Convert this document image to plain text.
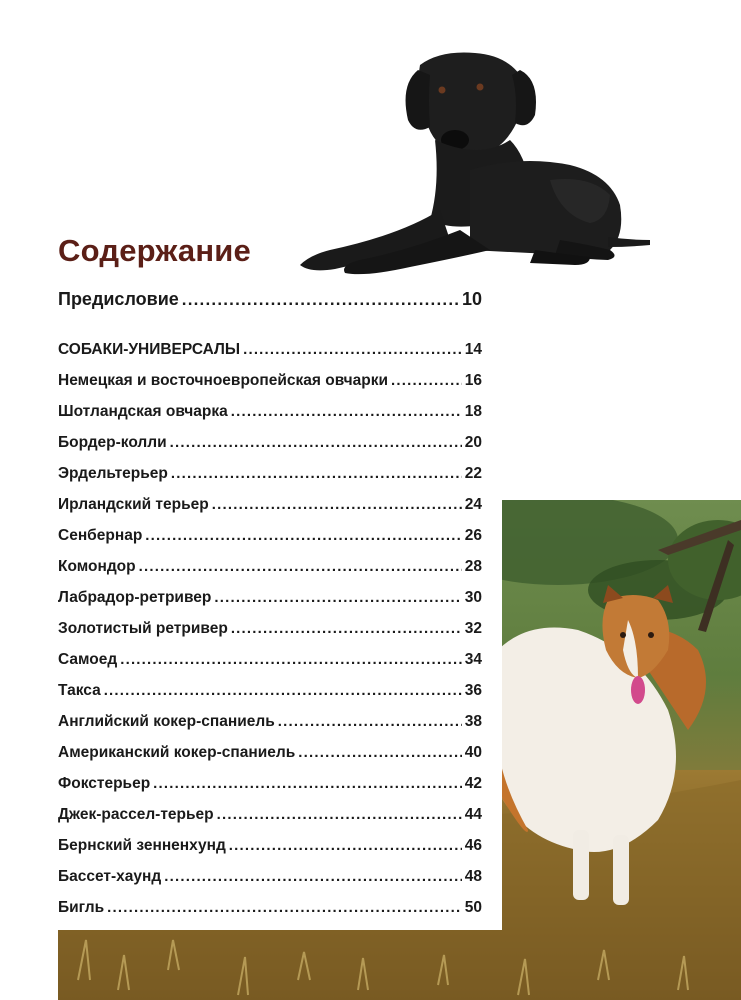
Содержание
Предисловие .....	10
СОБАКИ-УНИВЕРСАЛЫ .....	14
Немецкая и восточноевропейская овчарки .....	16
Шотландская овчарка .....	18
Бордер-колли .....	20
Эрдельтерьер .....	22
Ирландский терьер .....	24
Сенбернар .....	26
Комондор .....	28
Лабрадор-ретривер .....	30
Золотистый ретривер .....	32
Самоед .....	34
Такса .....	36
Английский кокер-спаниель .....	38
Американский кокер-спаниель .....	40
Фокстерьер .....	42
Джек-рассел-терьер .....	44
Бернский зенненхунд .....	46
Бассет-хаунд .....	48
Бигль .....	50
